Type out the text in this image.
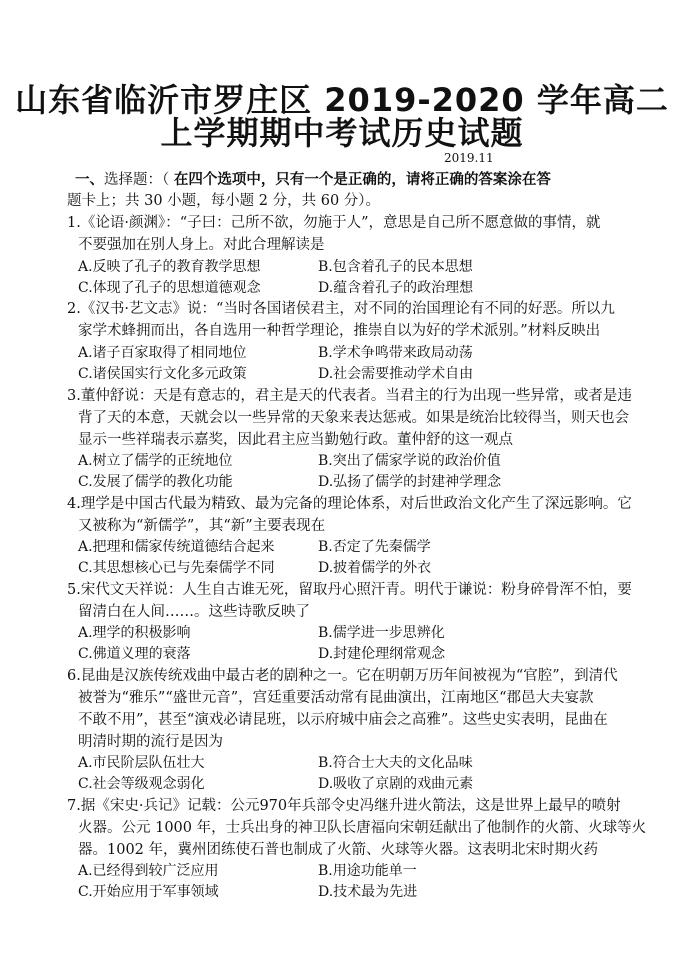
山东省临沂市罗庄区 2019-2020 学年高二
上学期期中考试历史试题
2019.11
一、选择题：（ 在四个选项中，只有一个是正确的，请将正确的答案涂在答
题卡上；共 30 小题，每小题 2 分，共 60 分）。
1.《论语·颜渊》：“子曰：己所不欲，勿施于人”，意思是自己所不愿意做的事情，就
不要强加在别人身上。对此合理解读是
A.反映了孔子的教育教学思想	B.包含着孔子的民本思想
C.体现了孔子的思想道德观念	D.蕴含着孔子的政治理想
2.《汉书·艺文志》说：“当时各国诸侯君主，对不同的治国理论有不同的好恶。所以九
家学术蜂拥而出，各自选用一种哲学理论，推崇自以为好的学术派别。”材料反映出
A.诸子百家取得了相同地位	B.学术争鸣带来政局动荡
C.诸侯国实行文化多元政策	D.社会需要推动学术自由
3.董仲舒说：天是有意志的，君主是天的代表者。当君主的行为出现一些异常，或者是违
背了天的本意，天就会以一些异常的天象来表达惩戒。如果是统治比较得当，则天也会
显示一些祥瑞表示嘉奖，因此君主应当勤勉行政。董仲舒的这一观点
A.树立了儒学的正统地位	B.突出了儒家学说的政治价值
C.发展了儒学的教化功能	D.弘扬了儒学的封建神学理念
4.理学是中国古代最为精致、最为完备的理论体系，对后世政治文化产生了深远影响。它
又被称为“新儒学”，其“新”主要表现在
A.把理和儒家传统道德结合起来	B.否定了先秦儒学
C.其思想核心已与先秦儒学不同	D.披着儒学的外衣
5.宋代文天祥说：人生自古谁无死，留取丹心照汗青。明代于谦说：粉身碎骨浑不怕，要
留清白在人间……。这些诗歌反映了
A.理学的积极影响	B.儒学进一步思辨化
C.佛道义理的衰落	D.封建伦理纲常观念
6.昆曲是汉族传统戏曲中最古老的剧种之一。它在明朝万历年间被视为“官腔”，到清代
被誉为“雅乐”“盛世元音”，宫廷重要活动常有昆曲演出，江南地区“郡邑大夫宴款
不敢不用”，甚至“演戏必请昆班，以示府城中庙会之高雅”。这些史实表明，昆曲在
明清时期的流行是因为
A.市民阶层队伍壮大	B.符合士大夫的文化品味
C.社会等级观念弱化	D.吸收了京剧的戏曲元素
7.据《宋史·兵记》记载：公元970年兵部令史冯继升进火箭法，这是世界上最早的喷射
火器。公元 1000 年，士兵出身的神卫队长唐福向宋朝廷献出了他制作的火箭、火球等火
器。1002 年，冀州团练使石普也制成了火箭、火球等火器。这表明北宋时期火药
A.已经得到较广泛应用	B.用途功能单一
C.开始应用于军事领域	D.技术最为先进
